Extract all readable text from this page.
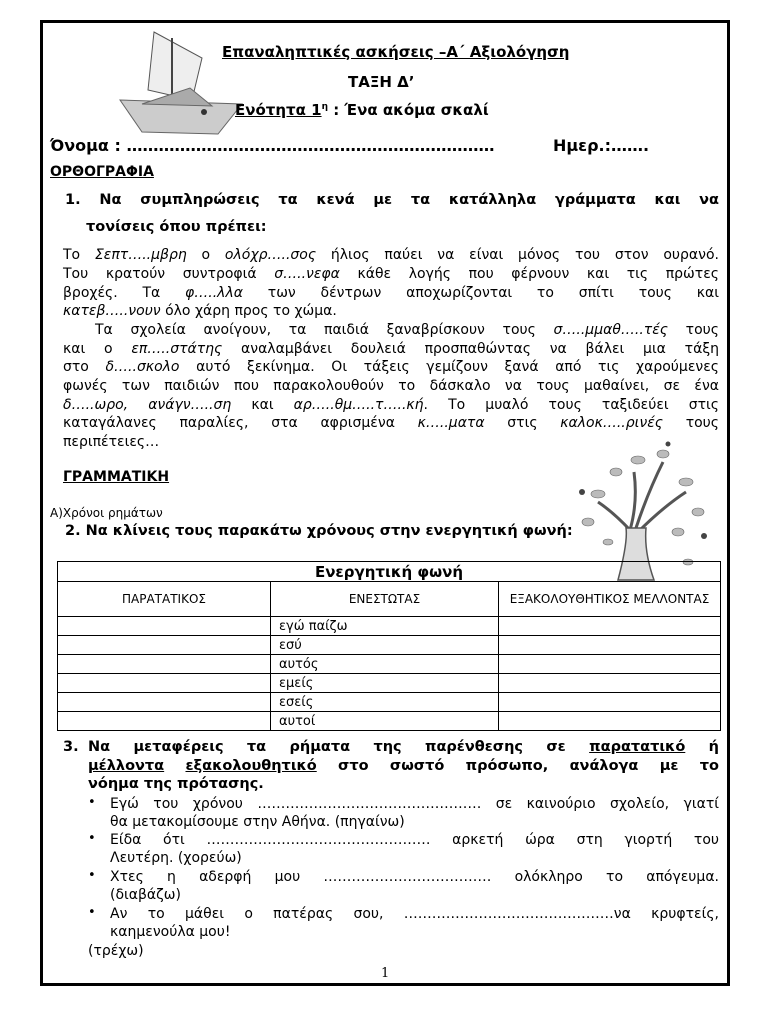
Επαναληπτικές ασκήσεις –Α΄ Αξιολόγηση
ΤΑΞΗ Δ’
Ενότητα $1^\eta$ : Ένα ακόμα σκαλί
Όνομα : ……………………………………………………………	Ημερ.:…….
ΟΡΘΟΓΡΑΦΙΑ
1. Να συμπληρώσεις τα κενά με τα κατάλληλα γράμματα και να
τονίσεις όπου πρέπει:
Το Σεπτ…..μβρη ο ολόχρ…..σος ήλιος παύει να είναι μόνος του στον ουρανό.
Του κρατούν συντροφιά σ…..νεφα κάθε λογής που φέρνουν και τις πρώτες
βροχές. Τα φ…..λλα των δέντρων αποχωρίζονται το σπίτι τους και
κατεβ…..νουν όλο χάρη προς το χώμα.
Τα σχολεία ανοίγουν, τα παιδιά ξαναβρίσκουν τους σ…..μμαθ…..τές τους
και ο επ…..στάτης αναλαμβάνει δουλειά προσπαθώντας να βάλει μια τάξη
στο δ…..σκολο αυτό ξεκίνημα. Οι τάξεις γεμίζουν ξανά από τις χαρούμενες
φωνές των παιδιών που παρακολουθούν το δάσκαλο να τους μαθαίνει, σε ένα
δ…..ωρο, ανάγν…..ση και αρ…..θμ…..τ…..κή. Το μυαλό τους ταξιδεύει στις
καταγάλανες παραλίες, στα αφρισμένα κ…..ματα στις καλοκ…..ρινές τους
περιπέτειες…
ΓΡΑΜΜΑΤΙΚΗ
Α)Χρόνοι ρημάτων
2. Να κλίνεις τους παρακάτω χρόνους στην ενεργητική φωνή:
Ενεργητική φωνή		
ΠΑΡΑΤΑΤΙΚΟΣ	ΕΝΕΣΤΩΤΑΣ	ΕΞΑΚΟΛΟΥΘΗΤΙΚΟΣ ΜΕΛΛΟΝΤΑΣ
	εγώ παίζω	
	εσύ	
	αυτός	
	εμείς	
	εσείς	
	αυτοί	
3. Να μεταφέρεις τα ρήματα της παρένθεσης σε παρατατικό ή
μέλλοντα εξακολουθητικό στο σωστό πρόσωπο, ανάλογα με το
νόημα της πρότασης.
• Εγώ του χρόνου ………………………………………… σε καινούριο σχολείο, γιατί
θα μετακομίσουμε στην Αθήνα. (πηγαίνω)
• Είδα ότι ………………………………………… αρκετή ώρα στη γιορτή του
Λευτέρη. (χορεύω)
• Χτες η αδερφή μου ……………………………… ολόκληρο το απόγευμα.
(διαβάζω)
• Αν το μάθει ο πατέρας σου, ………………………………………να κρυφτείς,
καημενούλα μου!
(τρέχω)
1
